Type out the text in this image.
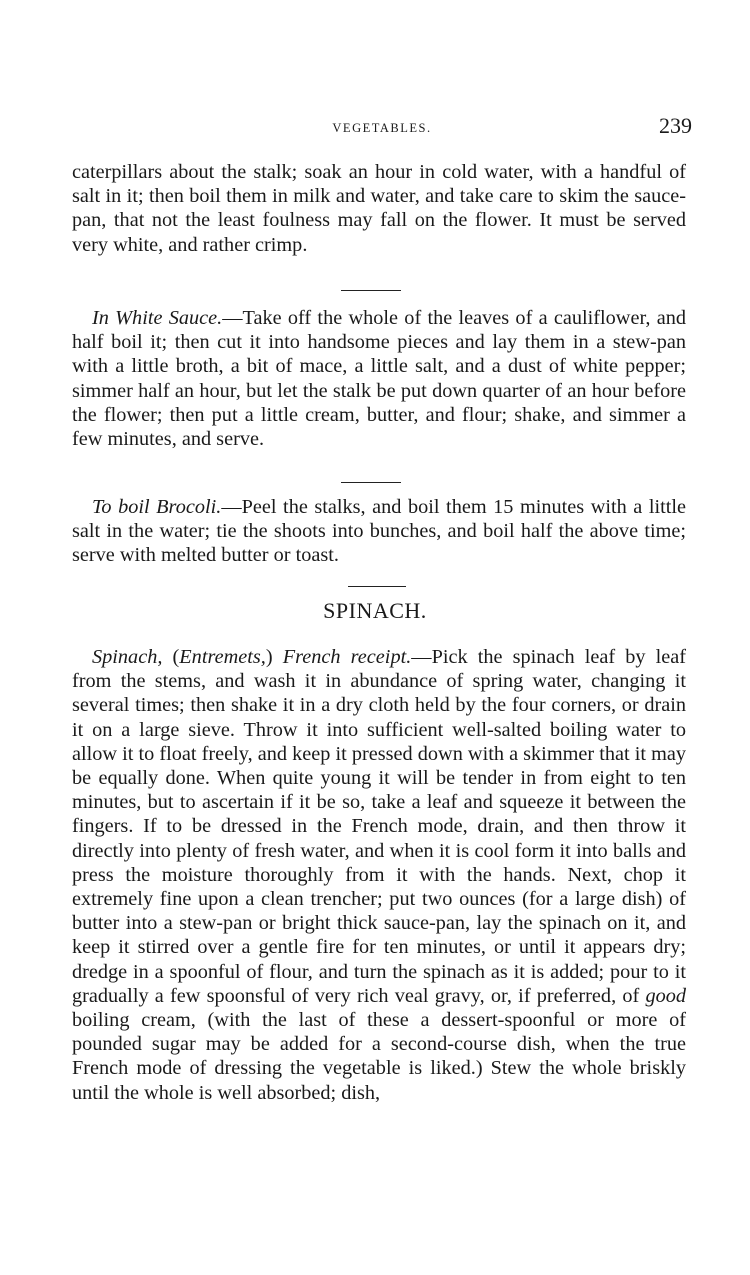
VEGETABLES.	239

caterpillars about the stalk; soak an hour in cold water, with a handful of salt in it; then boil them in milk and water, and take care to skim the sauce-pan, that not the least foulness may fall on the flower. It must be served very white, and rather crimp.

In White Sauce.—Take off the whole of the leaves of a cauliflower, and half boil it; then cut it into handsome pieces and lay them in a stew-pan with a little broth, a bit of mace, a little salt, and a dust of white pepper; simmer half an hour, but let the stalk be put down quarter of an hour before the flower; then put a little cream, butter, and flour; shake, and simmer a few minutes, and serve.

To boil Brocoli.—Peel the stalks, and boil them 15 minutes with a little salt in the water; tie the shoots into bunches, and boil half the above time; serve with melted butter or toast.

SPINACH.

Spinach, (Entremets,) French receipt.—Pick the spinach leaf by leaf from the stems, and wash it in abundance of spring water, changing it several times; then shake it in a dry cloth held by the four corners, or drain it on a large sieve. Throw it into sufficient well-salted boiling water to allow it to float freely, and keep it pressed down with a skimmer that it may be equally done. When quite young it will be tender in from eight to ten minutes, but to ascertain if it be so, take a leaf and squeeze it between the fingers. If to be dressed in the French mode, drain, and then throw it directly into plenty of fresh water, and when it is cool form it into balls and press the moisture thoroughly from it with the hands. Next, chop it extremely fine upon a clean trencher; put two ounces (for a large dish) of butter into a stew-pan or bright thick sauce-pan, lay the spinach on it, and keep it stirred over a gentle fire for ten minutes, or until it appears dry; dredge in a spoonful of flour, and turn the spinach as it is added; pour to it gradually a few spoonsful of very rich veal gravy, or, if preferred, of good boiling cream, (with the last of these a dessert-spoonful or more of pounded sugar may be added for a second-course dish, when the true French mode of dressing the vegetable is liked.) Stew the whole briskly until the whole is well absorbed; dish,
